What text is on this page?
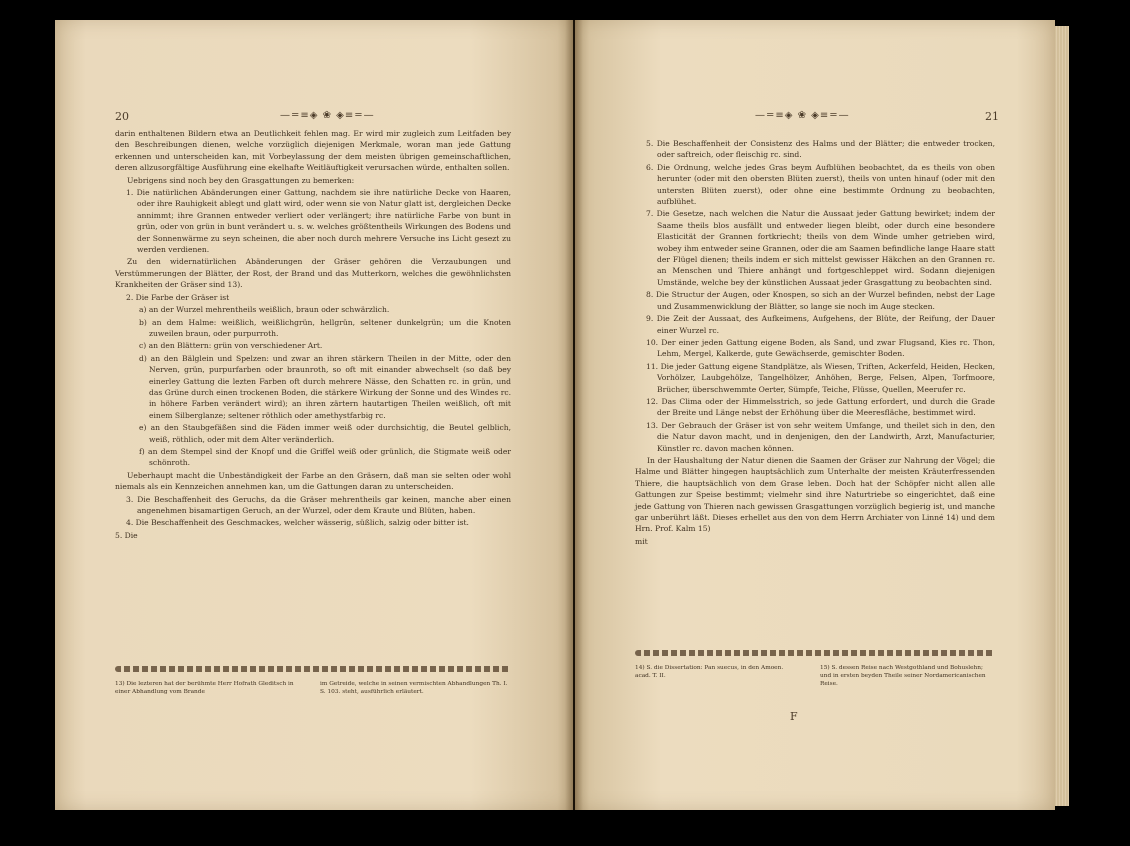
20	—=≡◈ ❀ ◈≡=—

darin enthaltenen Bildern etwa an Deutlichkeit fehlen mag. Er wird mir zugleich zum Leitfaden bey den Beschreibungen dienen, welche vorzüglich diejenigen Merkmale, woran man jede Gattung erkennen und unterscheiden kan, mit Vorbeylassung der dem meisten übrigen gemeinschaftlichen, deren allzusorgfältige Ausführung eine ekelhafte Weitläuftigkeit verursachen würde, enthalten sollen.

Uebrigens sind noch bey den Grasgattungen zu bemerken:

1. Die natürlichen Abänderungen einer Gattung, nachdem sie ihre natürliche Decke von Haaren, oder ihre Rauhigkeit ablegt und glatt wird, oder wenn sie von Natur glatt ist, dergleichen Decke annimmt; ihre Grannen entweder verliert oder verlängert; ihre natürliche Farbe von bunt in grün, oder von grün in bunt verändert u. s. w. welches größtentheils Wirkungen des Bodens und der Sonnenwärme zu seyn scheinen, die aber noch durch mehrere Versuche ins Licht gesezt zu werden verdienen.

Zu den widernatürlichen Abänderungen der Gräser gehören die Verzaubungen und Verstümmerungen der Blätter, der Rost, der Brand und das Mutterkorn, welches die gewöhnlichsten Krankheiten der Gräser sind 13).

2. Die Farbe der Gräser ist

a) an der Wurzel mehrentheils weißlich, braun oder schwärzlich.

b) an dem Halme: weißlich, weißlichgrün, hellgrün, seltener dunkelgrün; um die Knoten zuweilen braun, oder purpurroth.

c) an den Blättern: grün von verschiedener Art.

d) an den Bälglein und Spelzen: und zwar an ihren stärkern Theilen in der Mitte, oder den Nerven, grün, purpurfarben oder braunroth, so oft mit einander abwechselt (so daß bey einerley Gattung die lezten Farben oft durch mehrere Nässe, den Schatten rc. in grün, und das Grüne durch einen trockenen Boden, die stärkere Wirkung der Sonne und des Windes rc. in höhere Farben verändert wird); an ihren zärtern hautartigen Theilen weißlich, oft mit einem Silberglanze; seltener röthlich oder amethystfarbig rc.

e) an den Staubgefäßen sind die Fäden immer weiß oder durchsichtig, die Beutel gelblich, weiß, röthlich, oder mit dem Alter veränderlich.

f) an dem Stempel sind der Knopf und die Griffel weiß oder grünlich, die Stigmate weiß oder schönroth.

Ueberhaupt macht die Unbeständigkeit der Farbe an den Gräsern, daß man sie selten oder wohl niemals als ein Kennzeichen annehmen kan, um die Gattungen daran zu unterscheiden.

3. Die Beschaffenheit des Geruchs, da die Gräser mehrentheils gar keinen, manche aber einen angenehmen bisamartigen Geruch, an der Wurzel, oder dem Kraute und Blüten, haben.

4. Die Beschaffenheit des Geschmackes, welcher wässerig, süßlich, salzig oder bitter ist.

5. Die

13) Die lezteren hat der berühmte Herr Hofrath Gleditsch in einer Abhandlung vom Brande
im Getreide, welche in seinen vermischten Abhandlungen Th. I. S. 103. steht, ausführlich erläutert.
—=≡◈ ❀ ◈≡=—	21

5. Die Beschaffenheit der Consistenz des Halms und der Blätter; die entweder trocken, oder saftreich, oder fleischig rc. sind.

6. Die Ordnung, welche jedes Gras beym Aufblühen beobachtet, da es theils von oben herunter (oder mit den obersten Blüten zuerst), theils von unten hinauf (oder mit den untersten Blüten zuerst), oder ohne eine bestimmte Ordnung zu beobachten, aufblühet.

7. Die Gesetze, nach welchen die Natur die Aussaat jeder Gattung bewirket; indem der Saame theils blos ausfällt und entweder liegen bleibt, oder durch eine besondere Elasticität der Grannen fortkriecht; theils von dem Winde umher getrieben wird, wobey ihm entweder seine Grannen, oder die am Saamen befindliche lange Haare statt der Flügel dienen; theils indem er sich mittelst gewisser Häkchen an den Grannen rc. an Menschen und Thiere anhängt und fortgeschleppet wird. Sodann diejenigen Umstände, welche bey der künstlichen Aussaat jeder Grasgattung zu beobachten sind.

8. Die Structur der Augen, oder Knospen, so sich an der Wurzel befinden, nebst der Lage und Zusammenwicklung der Blätter, so lange sie noch im Auge stecken.

9. Die Zeit der Aussaat, des Aufkeimens, Aufgehens, der Blüte, der Reifung, der Dauer einer Wurzel rc.

10. Der einer jeden Gattung eigene Boden, als Sand, und zwar Flugsand, Kies rc. Thon, Lehm, Mergel, Kalkerde, gute Gewächserde, gemischter Boden.

11. Die jeder Gattung eigene Standplätze, als Wiesen, Triften, Ackerfeld, Heiden, Hecken, Vorhölzer, Laubgehölze, Tangelhölzer, Anhöhen, Berge, Felsen, Alpen, Torfmoore, Brücher, überschwemmte Oerter, Sümpfe, Teiche, Flüsse, Quellen, Meerufer rc.

12. Das Clima oder der Himmelsstrich, so jede Gattung erfordert, und durch die Grade der Breite und Länge nebst der Erhöhung über die Meeresfläche, bestimmet wird.

13. Der Gebrauch der Gräser ist von sehr weitem Umfange, und theilet sich in den, den die Natur davon macht, und in denjenigen, den der Landwirth, Arzt, Manufacturier, Künstler rc. davon machen können.

In der Haushaltung der Natur dienen die Saamen der Gräser zur Nahrung der Vögel; die Halme und Blätter hingegen hauptsächlich zum Unterhalte der meisten Kräuterfressenden Thiere, die hauptsächlich von dem Grase leben. Doch hat der Schöpfer nicht allen alle Gattungen zur Speise bestimmt; vielmehr sind ihre Naturtriebe so eingerichtet, daß eine jede Gattung von Thieren nach gewissen Grasgattungen vorzüglich begierig ist, und manche gar unberührt läßt. Dieses erhellet aus den von dem Herrn Archiater von Linné 14) und dem Hrn. Prof. Kalm 15)

mit

14) S. die Dissertation: Pan suecus, in den Amoen. acad. T. II.
15) S. dessen Reise nach Westgothland und Bohuslehn; und in ersten beyden Theile seiner Nordamericanischen Reise.
F
